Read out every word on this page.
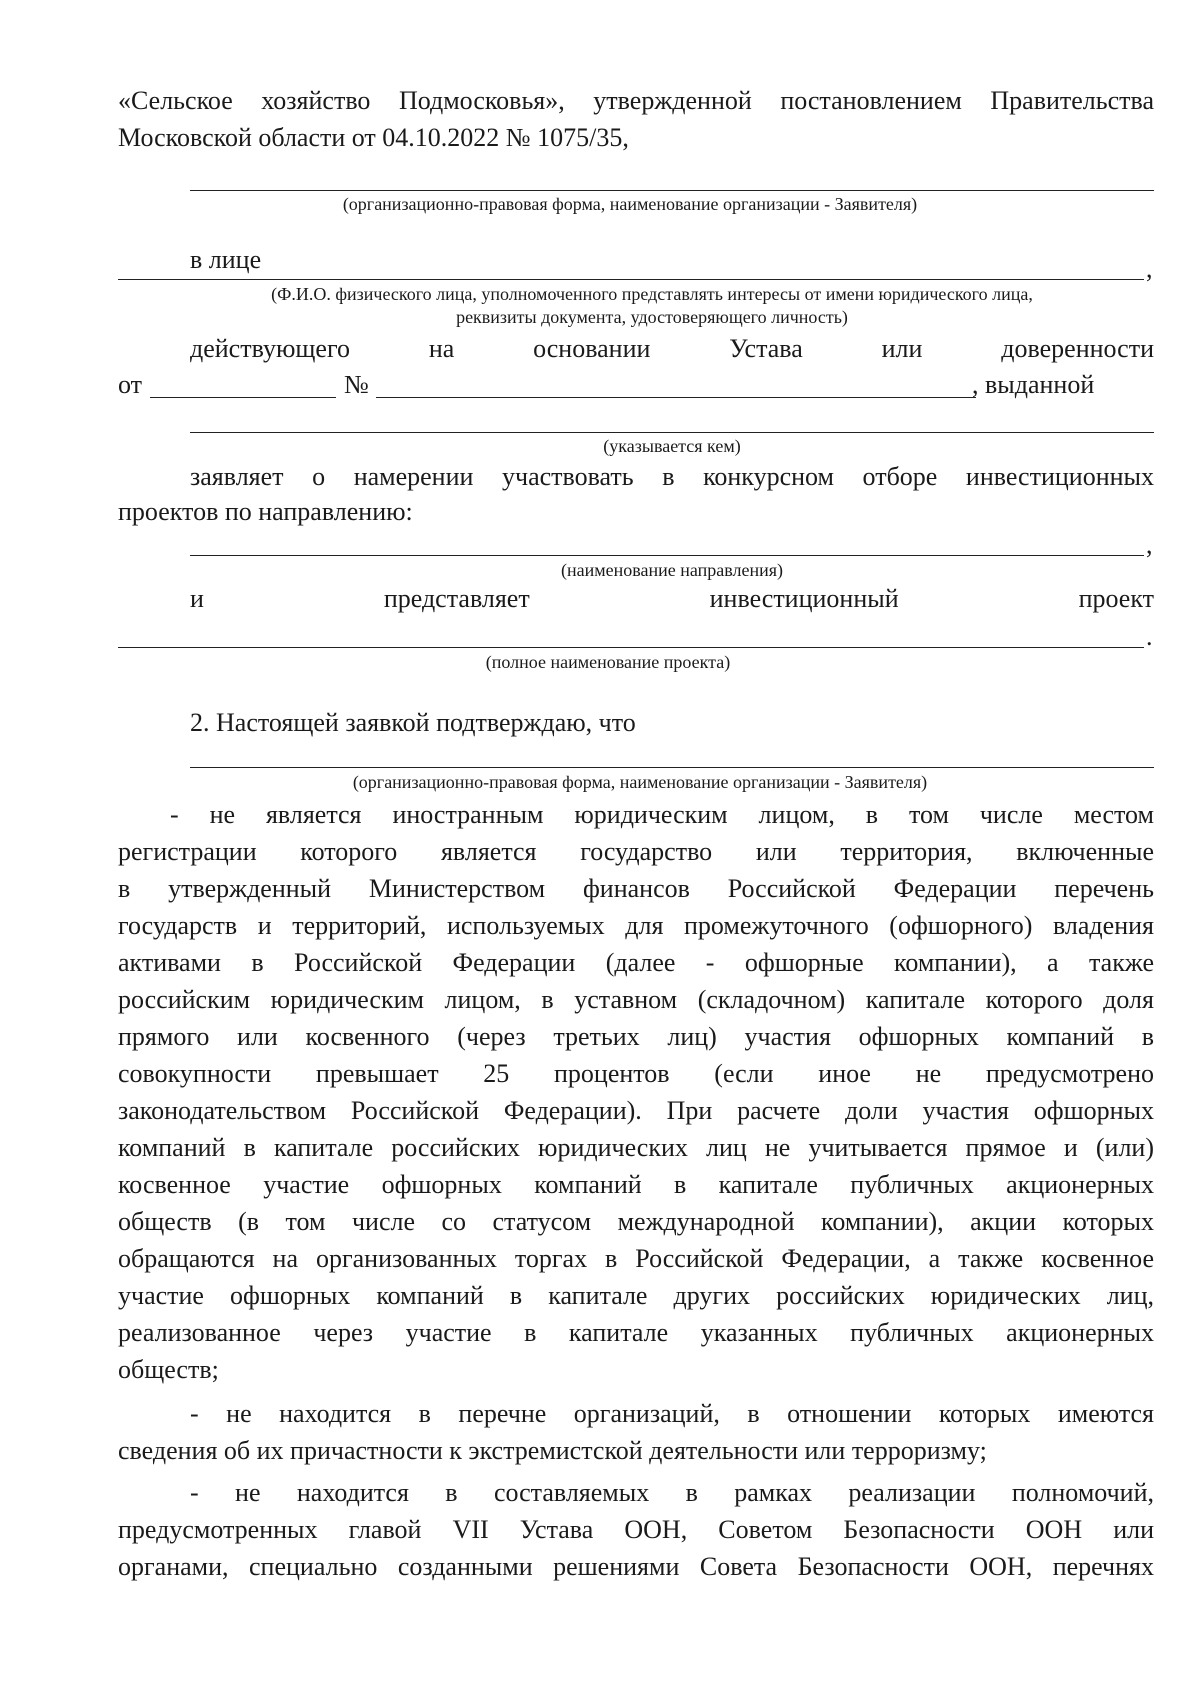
«Сельское хозяйство Подмосковья», утвержденной постановлением Правительства

Московской области от 04.10.2022 № 1075/35,

(организационно-правовая форма, наименование организации - Заявителя)

в лице	,

(Ф.И.О. физического лица, уполномоченного представлять интересы от имени юридического лица,

реквизиты документа, удостоверяющего личность)

действующего	на	основании	Устава	или	доверенности
от	№	, выданной

(указывается кем)

заявляет о намерении участвовать в конкурсном отборе инвестиционных

проектов по направлению:

,

(наименование направления)

и	представляет	инвестиционный	проект
.

(полное наименование проекта)

2. Настоящей заявкой подтверждаю, что

(организационно-правовая форма, наименование организации - Заявителя)

- не является иностранным юридическим лицом, в том числе местом

регистрации которого является государство или территория, включенные

в утвержденный Министерством финансов Российской Федерации перечень

государств и территорий, используемых для промежуточного (офшорного) владения

активами в Российской Федерации (далее - офшорные компании), а также

российским юридическим лицом, в уставном (складочном) капитале которого доля

прямого или косвенного (через третьих лиц) участия офшорных компаний в

совокупности превышает 25 процентов (если иное не предусмотрено

законодательством Российской Федерации). При расчете доли участия офшорных

компаний в капитале российских юридических лиц не учитывается прямое и (или)

косвенное участие офшорных компаний в капитале публичных акционерных

обществ (в том числе со статусом международной компании), акции которых

обращаются на организованных торгах в Российской Федерации, а также косвенное

участие офшорных компаний в капитале других российских юридических лиц,

реализованное через участие в капитале указанных публичных акционерных

обществ;

- не находится в перечне организаций, в отношении которых имеются

сведения об их причастности к экстремистской деятельности или терроризму;

- не находится в составляемых в рамках реализации полномочий,

предусмотренных главой VII Устава ООН, Советом Безопасности ООН или

органами, специально созданными решениями Совета Безопасности ООН, перечнях
